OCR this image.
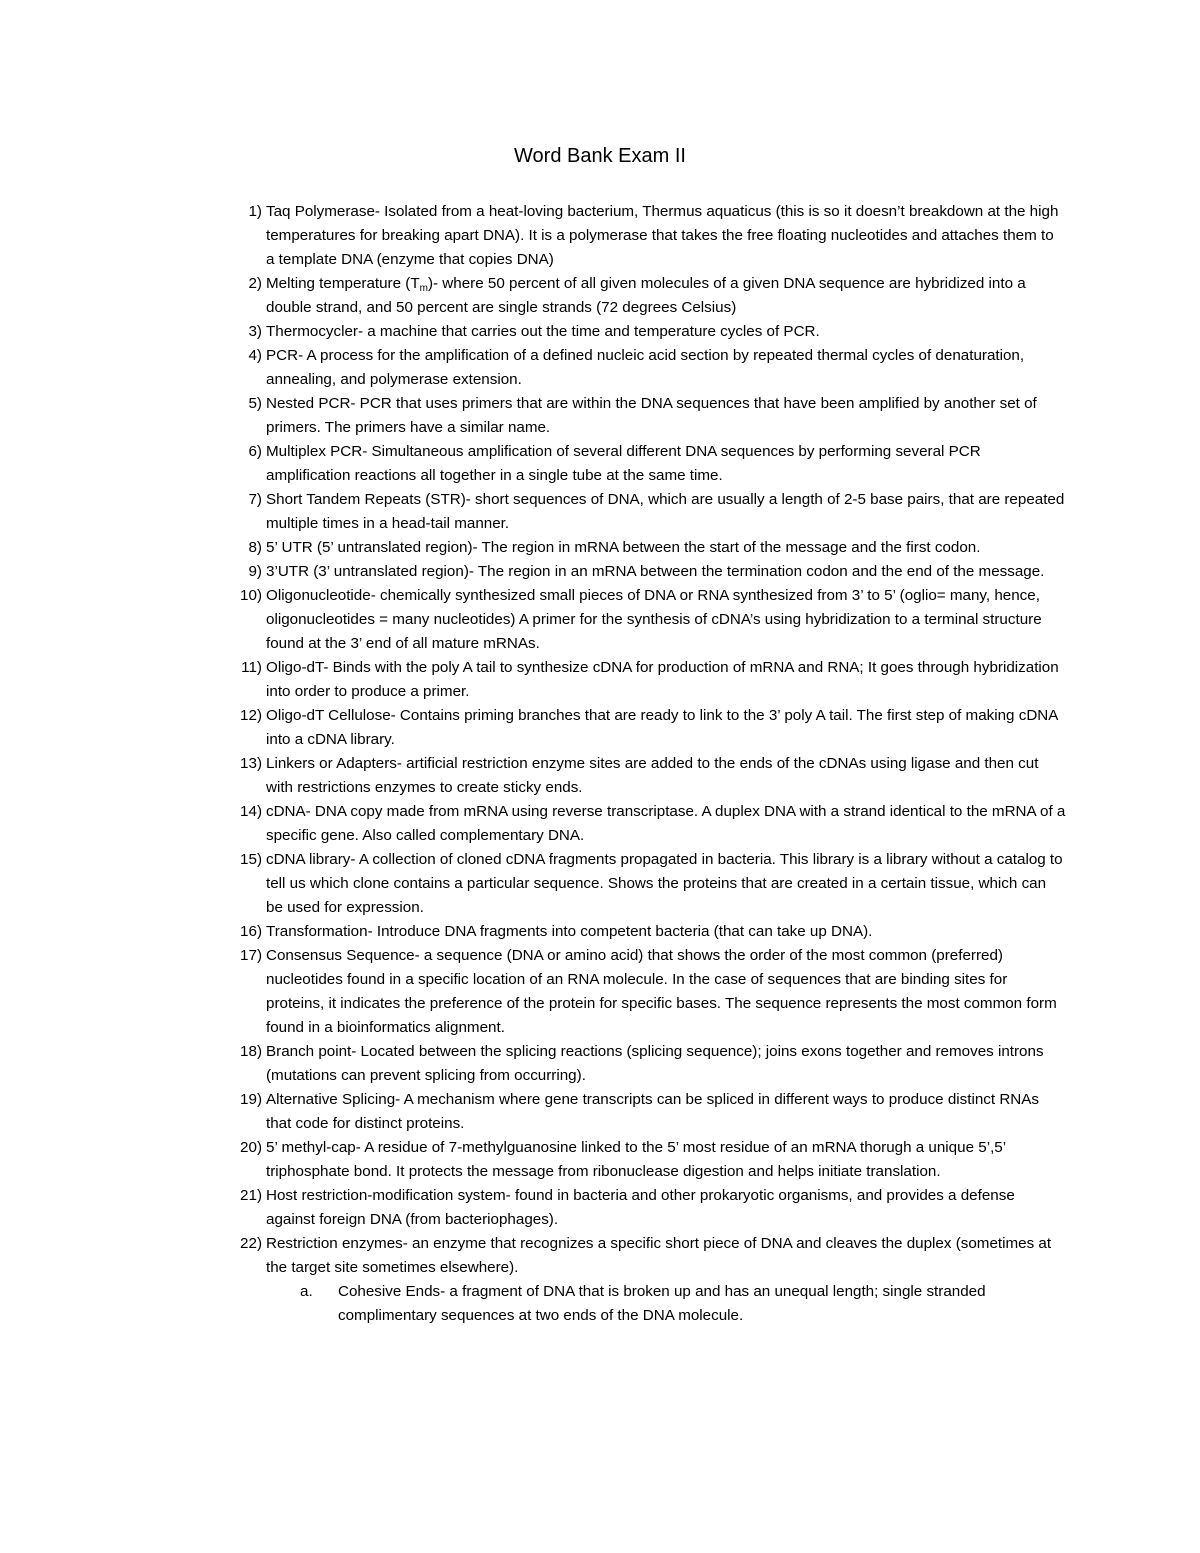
Word Bank Exam II
1) Taq Polymerase- Isolated from a heat-loving bacterium, Thermus aquaticus (this is so it doesn’t breakdown at the high temperatures for breaking apart DNA). It is a polymerase that takes the free floating nucleotides and attaches them to a template DNA (enzyme that copies DNA)
2) Melting temperature $(T_m)-$ where 50 percent of all given molecules of a given DNA sequence are hybridized into a double strand, and 50 percent are single strands (72 degrees Celsius)
3) Thermocycler- a machine that carries out the time and temperature cycles of PCR.
4) PCR- A process for the amplification of a defined nucleic acid section by repeated thermal cycles of denaturation, annealing, and polymerase extension.
5) Nested PCR- PCR that uses primers that are within the DNA sequences that have been amplified by another set of primers. The primers have a similar name.
6) Multiplex PCR- Simultaneous amplification of several different DNA sequences by performing several PCR amplification reactions all together in a single tube at the same time.
7) Short Tandem Repeats (STR)- short sequences of DNA, which are usually a length of 2-5 base pairs, that are repeated multiple times in a head-tail manner.
8) 5’ UTR (5’ untranslated region)- The region in mRNA between the start of the message and the first codon.
9) 3’UTR (3’ untranslated region)- The region in an mRNA between the termination codon and the end of the message.
10) Oligonucleotide- chemically synthesized small pieces of DNA or RNA synthesized from 3’ to 5’ (oglio= many, hence, oligonucleotides = many nucleotides) A primer for the synthesis of cDNA’s using hybridization to a terminal structure found at the 3’ end of all mature mRNAs.
11) Oligo-dT- Binds with the poly A tail to synthesize cDNA for production of mRNA and RNA; It goes through hybridization into order to produce a primer.
12) Oligo-dT Cellulose- Contains priming branches that are ready to link to the 3’ poly A tail. The first step of making cDNA into a cDNA library.
13) Linkers or Adapters- artificial restriction enzyme sites are added to the ends of the cDNAs using ligase and then cut with restrictions enzymes to create sticky ends.
14) cDNA- DNA copy made from mRNA using reverse transcriptase. A duplex DNA with a strand identical to the mRNA of a specific gene. Also called complementary DNA.
15) cDNA library- A collection of cloned cDNA fragments propagated in bacteria. This library is a library without a catalog to tell us which clone contains a particular sequence. Shows the proteins that are created in a certain tissue, which can be used for expression.
16) Transformation- Introduce DNA fragments into competent bacteria (that can take up DNA).
17) Consensus Sequence- a sequence (DNA or amino acid) that shows the order of the most common (preferred) nucleotides found in a specific location of an RNA molecule. In the case of sequences that are binding sites for proteins, it indicates the preference of the protein for specific bases. The sequence represents the most common form found in a bioinformatics alignment.
18) Branch point- Located between the splicing reactions (splicing sequence); joins exons together and removes introns (mutations can prevent splicing from occurring).
19) Alternative Splicing- A mechanism where gene transcripts can be spliced in different ways to produce distinct RNAs that code for distinct proteins.
20) 5’ methyl-cap- A residue of 7-methylguanosine linked to the 5’ most residue of an mRNA thorugh a unique 5’,5’ triphosphate bond. It protects the message from ribonuclease digestion and helps initiate translation.
21) Host restriction-modification system- found in bacteria and other prokaryotic organisms, and provides a defense against foreign DNA (from bacteriophages).
22) Restriction enzymes- an enzyme that recognizes a specific short piece of DNA and cleaves the duplex (sometimes at the target site sometimes elsewhere).
a. Cohesive Ends- a fragment of DNA that is broken up and has an unequal length; single stranded complimentary sequences at two ends of the DNA molecule.
